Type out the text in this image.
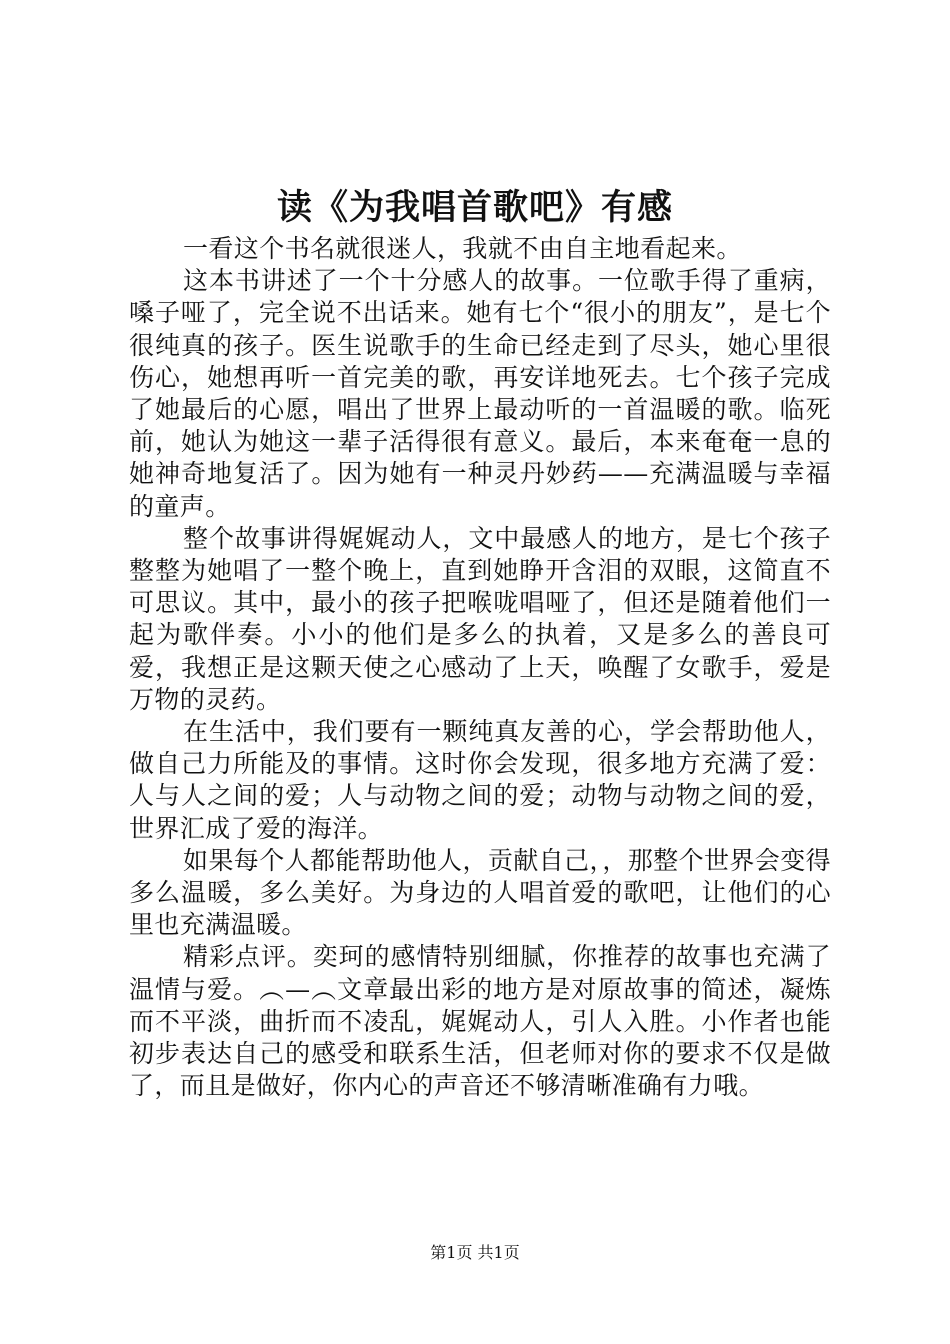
读《为我唱首歌吧》有感

一看这个书名就很迷人，我就不由自主地看起来。

这本书讲述了一个十分感人的故事。一位歌手得了重病，嗓子哑了，完全说不出话来。她有七个“很小的朋友”，是七个很纯真的孩子。医生说歌手的生命已经走到了尽头，她心里很伤心，她想再听一首完美的歌，再安详地死去。七个孩子完成了她最后的心愿，唱出了世界上最动听的一首温暖的歌。临死前，她认为她这一辈子活得很有意义。最后，本来奄奄一息的她神奇地复活了。因为她有一种灵丹妙药——充满温暖与幸福的童声。

整个故事讲得娓娓动人，文中最感人的地方，是七个孩子整整为她唱了一整个晚上，直到她睁开含泪的双眼，这简直不可思议。其中，最小的孩子把喉咙唱哑了，但还是随着他们一起为歌伴奏。小小的他们是多么的执着，又是多么的善良可爱，我想正是这颗天使之心感动了上天，唤醒了女歌手，爱是万物的灵药。

在生活中，我们要有一颗纯真友善的心，学会帮助他人，做自己力所能及的事情。这时你会发现，很多地方充满了爱：人与人之间的爱；人与动物之间的爱；动物与动物之间的爱，世界汇成了爱的海洋。

如果每个人都能帮助他人，贡献自己，，那整个世界会变得多么温暖，多么美好。为身边的人唱首爱的歌吧，让他们的心里也充满温暖。

精彩点评。奕珂的感情特别细腻，你推荐的故事也充满了温情与爱。︵—︵文章最出彩的地方是对原故事的简述，凝炼而不平淡，曲折而不凌乱，娓娓动人，引人入胜。小作者也能初步表达自己的感受和联系生活，但老师对你的要求不仅是做了，而且是做好，你内心的声音还不够清晰准确有力哦。

第1页 共1页
